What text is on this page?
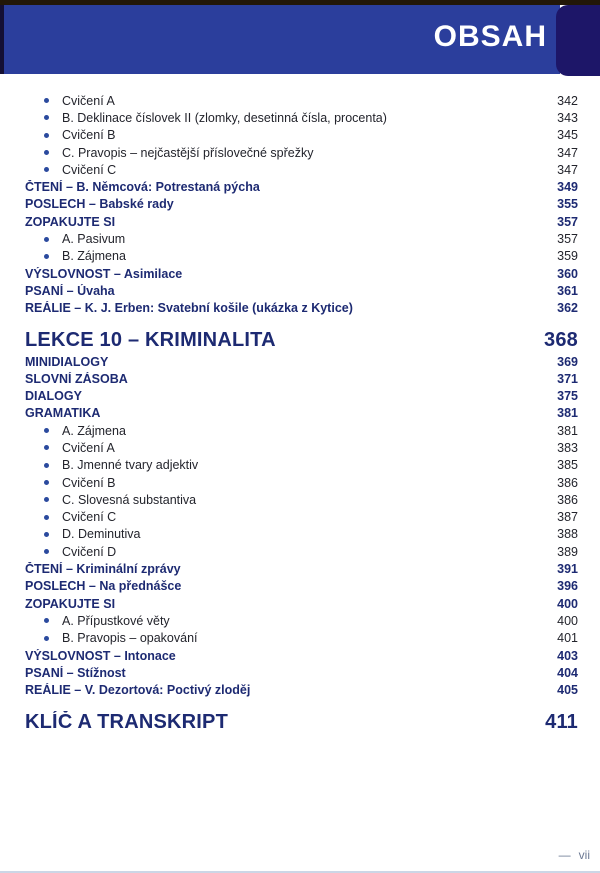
OBSAH
Cvičení A	342
B. Deklinace číslovek II (zlomky, desetinná čísla, procenta)	343
Cvičení B	345
C. Pravopis – nejčastější příslovečné spřežky	347
Cvičení C	347
ČTENÍ – B. Němcová: Potrestaná pýcha	349
POSLECH – Babské rady	355
ZOPAKUJTE SI	357
A. Pasivum	357
B. Zájmena	359
VÝSLOVNOST – Asimilace	360
PSANÍ – Úvaha	361
REÁLIE – K. J. Erben: Svatební košile (ukázka z Kytice)	362
LEKCE 10 – KRIMINALITA	368
MINIDIALOGY	369
SLOVNÍ ZÁSOBA	371
DIALOGY	375
GRAMATIKA	381
A. Zájmena	381
Cvičení A	383
B. Jmenné tvary adjektiv	385
Cvičení B	386
C. Slovesná substantiva	386
Cvičení C	387
D. Deminutiva	388
Cvičení D	389
ČTENÍ – Kriminální zprávy	391
POSLECH – Na přednášce	396
ZOPAKUJTE SI	400
A. Přípustkové věty	400
B. Pravopis – opakování	401
VÝSLOVNOST – Intonace	403
PSANÍ – Stížnost	404
REÁLIE – V. Dezortová: Poctivý zloděj	405
KLÍČ A TRANSKRIPT	411
— vii
